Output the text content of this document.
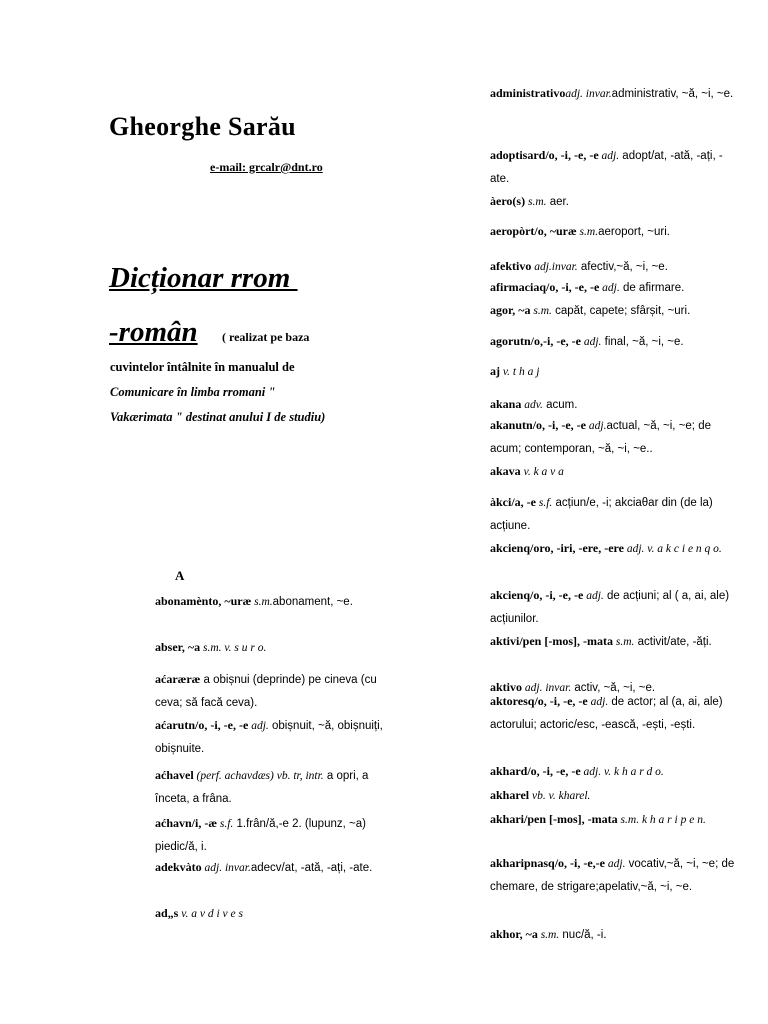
Gheorghe Sarău
e-mail: grcalr@dnt.ro
Dicționar rrom
-român ( realizat pe baza
cuvintelor întâlnite în manualul de
Comunicare în limba rromani "
Vakærimata " destinat anului I de studiu)
A
abonamènto, ~uræ s.m.abonament, ~e.
abser, ~a s.m. v. s u r o.
aćaræræ a obișnui (deprinde) pe cineva (cu ceva; să facă ceva).
aćarutn/o, -i, -e, -e adj. obișnuit, ~ă, obișnuiți, obișnuite.
aćhavel (perf. achavdæs) vb. tr, intr. a opri, a înceta, a frâna.
aćhavn/i, -æ s.f. 1.frân/ă,-e 2. (lupunz, ~a) piedic/ă, i.
adekvàto adj. invar.adecv/at, -ată, -ați, -ate.
ad„s v. a v d i v e s
administrativoadj. invar.administrativ, ~ă, ~i, ~e.
adoptisard/o, -i, -e, -e adj. adopt/at, -ată, -ați, -ate.
àero(s) s.m. aer.
aeropòrt/o, ~uræ s.m.aeroport, ~uri.
afektivo adj.invar. afectiv,~ă, ~i, ~e.
afirmaciaq/o, -i, -e, -e adj. de afirmare.
agor, ~a s.m. capăt, capete; sfârșit, ~uri.
agorutn/o,-i, -e, -e adj. final, ~ă, ~i, ~e.
aj v. t h a j
akana adv. acum.
akanutn/o, -i, -e, -e adj.actual, ~ă, ~i, ~e; de acum; contemporan, ~ă, ~i, ~e..
akava v. k a v a
àkci/a, -e s.f. acțiun/e, -i; akciaθar din (de la) acțiune.
akcienq/oro, -iri, -ere, -ere adj. v. a k c i e n q o.
akcienq/o, -i, -e, -e adj. de acțiuni; al ( a, ai, ale) acțiunilor.
aktivi/pen [-mos], -mata s.m. activit/ate, -ăți.
aktivo adj. invar. activ, ~ă, ~i, ~e.
aktoresq/o, -i, -e, -e adj. de actor; al (a, ai, ale) actorului; actoric/esc, -ească, -ești, -ești.
akhard/o, -i, -e, -e adj. v. k h a r d o.
akharel vb. v. kharel.
akhari/pen [-mos], -mata s.m. k h a r i p e n.
akharipnasq/o, -i, -e,-e adj. vocativ,~ă, ~i, ~e; de chemare, de strigare;apelativ,~ă, ~i, ~e.
akhor, ~a s.m. nuc/ă, -i.
